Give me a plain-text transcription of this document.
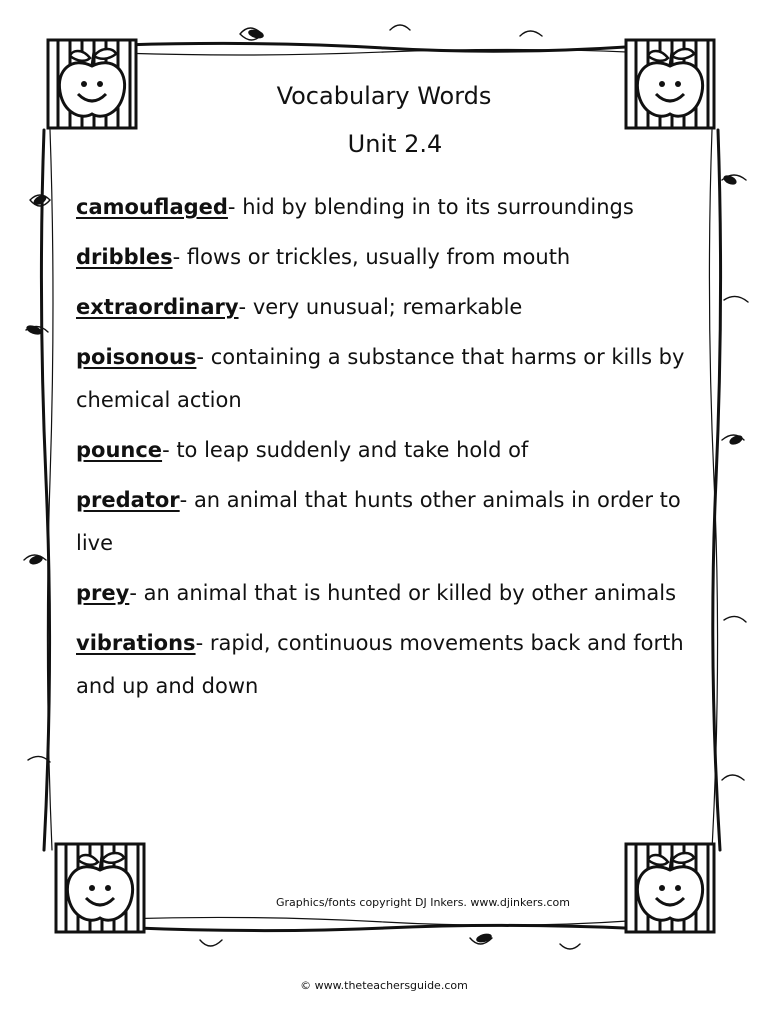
Vocabulary Words
Unit 2.4
camouflaged- hid by blending in to its surroundings
dribbles- flows or trickles, usually from mouth
extraordinary- very unusual; remarkable
poisonous- containing a substance that harms or kills by chemical action
pounce- to leap suddenly and take hold of
predator- an animal that hunts other animals in order to live
prey- an animal that is hunted or killed by other animals
vibrations- rapid, continuous movements back and forth and up and down
Graphics/fonts copyright DJ Inkers. www.djinkers.com
© www.theteachersguide.com
